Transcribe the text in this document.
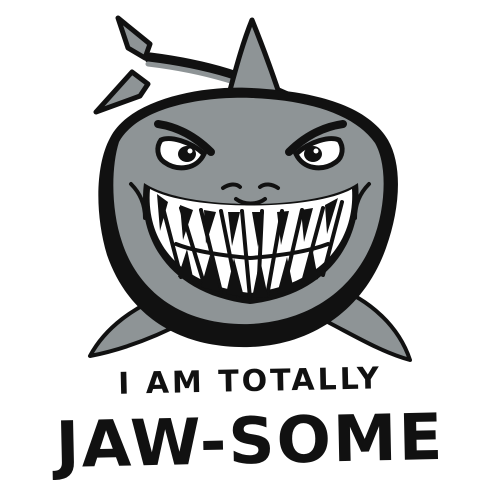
I AM TOTALLY
JAW-SOME
